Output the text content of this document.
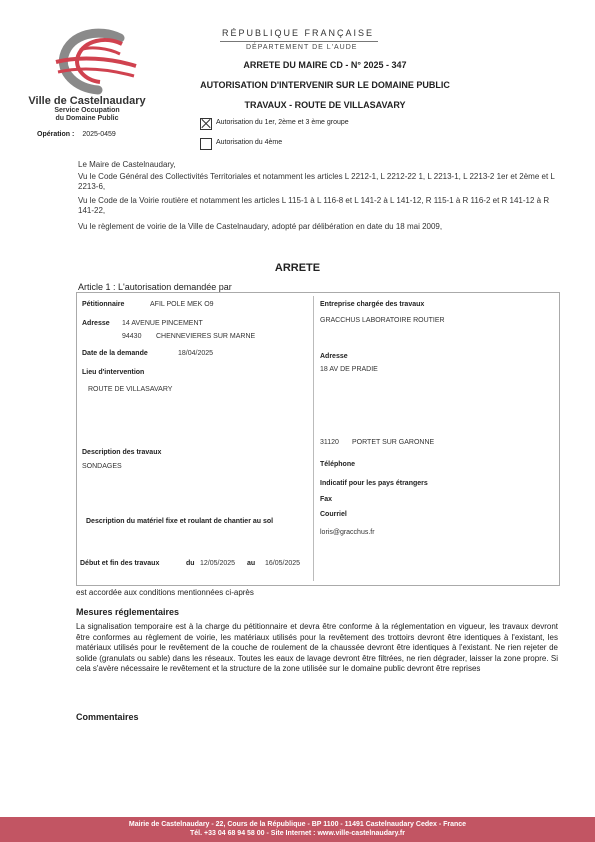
Ville de Castelnaudary
Service Occupation
du Domaine Public
Opération : 2025-0459
RÉPUBLIQUE FRANÇAISE
DÉPARTEMENT DE L'AUDE
ARRETE DU MAIRE CD - N° 2025 - 347
AUTORISATION D'INTERVENIR SUR LE DOMAINE PUBLIC
TRAVAUX - ROUTE DE VILLASAVARY
Autorisation du 1er, 2ème et 3 ème groupe
Autorisation du 4ème
Le Maire de Castelnaudary,
Vu le Code Général des Collectivités Territoriales et notamment les articles L 2212-1, L 2212-22 1, L 2213-1, L 2213-2 1er et 2ème et L 2213-6,
Vu le Code de la Voirie routière et notamment les articles L 115-1 à L 116-8 et L 141-2 à L 141-12, R 115-1 à R 116-2 et R 141-12 à R 141-22,
Vu le règlement de voirie de la Ville de Castelnaudary, adopté par délibération en date du 18 mai 2009,
ARRETE
Article 1 : L'autorisation demandée par
Pétitionnaire	AFIL POLE MEK O9
Adresse 14 AVENUE PINCEMENT
94430 CHENNEVIERES SUR MARNE
Date de la demande	18/04/2025
Lieu d'intervention
ROUTE DE VILLASAVARY
Description des travaux
SONDAGES
Description du matériel fixe et roulant de chantier au sol
Début et fin des travaux	du 12/05/2025 au 16/05/2025
Entreprise chargée des travaux
GRACCHUS LABORATOIRE ROUTIER
Adresse
18 AV DE PRADIE
31120 PORTET SUR GARONNE
Téléphone
Indicatif pour les pays étrangers
Fax
Courriel
loris@gracchus.fr
est accordée aux conditions mentionnées ci-après
Mesures réglementaires
La signalisation temporaire est à la charge du pétitionnaire et devra être conforme à la réglementation en vigueur, les travaux devront être conformes au règlement de voirie, les matériaux utilisés pour la revêtement des trottoirs devront être identiques à l'existant, les matériaux utilisés pour le revêtement de la couche de roulement de la chaussée devront être identiques à l'existant. Ne rien rejeter de solide (granulats ou sable) dans les réseaux. Toutes les eaux de lavage devront être filtrées, ne rien dégrader, laisser la zone propre. Si cela s'avère nécessaire le revêtement et la structure de la zone utilisée sur le domaine public devront être reprises
Commentaires
Mairie de Castelnaudary - 22, Cours de la République - BP 1100 - 11491 Castelnaudary Cedex - France
Tél. +33 04 68 94 58 00 - Site Internet : www.ville-castelnaudary.fr
